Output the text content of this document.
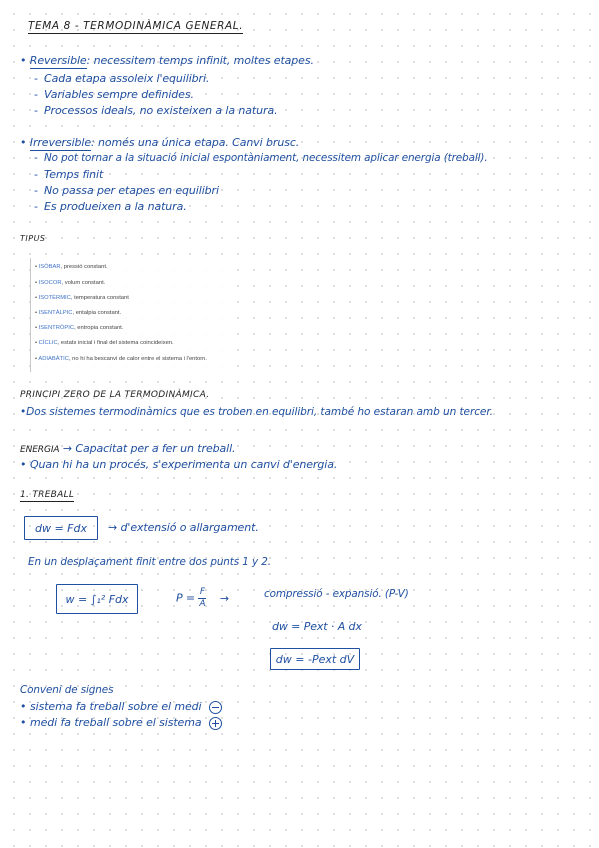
TEMA 8 - TERMODINÀMICA GENERAL.
• Reversible: necessitem temps infinit, moltes etapes.
- Cada etapa assoleix l'equilibri.
- Variables sempre definides.
- Processos ideals, no existeixen a la natura.
• Irreversible: només una única etapa. Canvi brusc.
- No pot tornar a la situació inicial espontàniament, necessitem aplicar energia (treball).
- Temps finit
- No passa per etapes en equilibri
- Es produeixen a la natura.
TIPUS
• ISÒBAR, pressió constant.
• ISOCOR, volum constant.
• ISOTÈRMIC, temperatura constant
• ISENTÀLPIC, entalpia constant.
• ISENTRÒPIC, entropia constant.
• CÍCLIC, estats inicial i final del sistema coincideixen.
• ADIABÀTIC, no hi ha bescanvi de calor entre el sistema i l'entorn.
PRINCIPI ZERO DE LA TERMODINÀMICA.
•Dos sistemes termodinàmics que es troben en equilibri, també ho estaran amb un tercer.
ENERGIA → Capacitat per a fer un treball.
• Quan hi ha un procés, s'experimenta un canvi d'energia.
1. TREBALL
dw = Fdx	→ d'extensió o allargament.
En un desplaçament finit entre dos punts 1 y 2.
w = ∫₁² Fdx	$P = \frac{F}{A}$ →	compressió - expansió. (P-V)
dw = Pext · A dx
dw = -Pext dV
Conveni de signes
• sistema fa treball sobre el medi
• medi fa treball sobre el sistema
